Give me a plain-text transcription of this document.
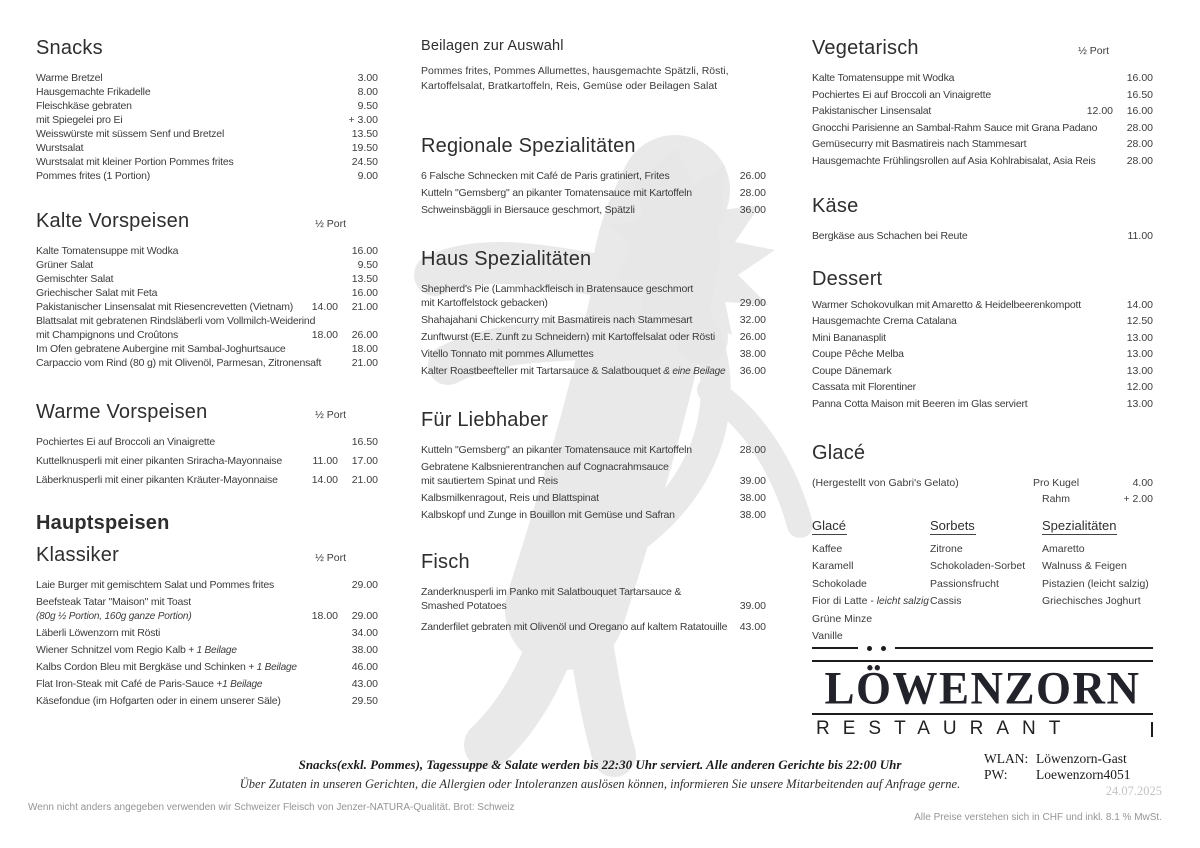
Snacks
Warme Bretzel	3.00
Hausgemachte Frikadelle	8.00
Fleischkäse gebraten	9.50
mit Spiegelei pro Ei	+ 3.00
Weisswürste mit süssem Senf und Bretzel	13.50
Wurstsalat	19.50
Wurstsalat mit kleiner Portion Pommes frites	24.50
Pommes frites (1 Portion)	9.00
Kalte Vorspeisen	½ Port
Kalte Tomatensuppe mit Wodka	16.00
Grüner Salat	9.50
Gemischter Salat	13.50
Griechischer Salat mit Feta	16.00
Pakistanischer Linsensalat mit Riesencrevetten (Vietnam)	14.00	21.00
Blattsalat mit gebratenen Rindsläberli vom Vollmilch-Weiderind
mit Champignons und Croûtons	18.00	26.00
Im Ofen gebratene Aubergine mit Sambal-Joghurtsauce	18.00
Carpaccio vom Rind (80 g) mit Olivenöl, Parmesan, Zitronensaft	21.00
Warme Vorspeisen	½ Port
Pochiertes Ei auf Broccoli an Vinaigrette	16.50
Kuttelknusperli mit einer pikanten Sriracha-Mayonnaise	11.00	17.00
Läberknusperli mit einer pikanten Kräuter-Mayonnaise	14.00	21.00
Hauptspeisen
Klassiker	½ Port
Laie Burger mit gemischtem Salat und Pommes frites	29.00
Beefsteak Tatar "Maison" mit Toast
(80g ½ Portion, 160g ganze Portion)	18.00	29.00
Läberli Löwenzorn mit Rösti	34.00
Wiener Schnitzel vom Regio Kalb + 1 Beilage	38.00
Kalbs Cordon Bleu mit Bergkäse und Schinken + 1 Beilage	46.00
Flat Iron-Steak mit Café de Paris-Sauce +1 Beilage	43.00
Käsefondue (im Hofgarten oder in einem unserer Säle)	29.50
Beilagen zur Auswahl

Pommes frites, Pommes Allumettes, hausgemachte Spätzli, Rösti, Kartoffelsalat, Bratkartoffeln, Reis, Gemüse oder Beilagen Salat

Regionale Spezialitäten
6 Falsche Schnecken mit Café de Paris gratiniert, Frites	26.00
Kutteln "Gemsberg" an pikanter Tomatensauce mit Kartoffeln	28.00
Schweinsbäggli in Biersauce geschmort, Spätzli	36.00
Haus Spezialitäten
Shepherd's Pie (Lammhackfleisch in Bratensauce geschmort
mit Kartoffelstock gebacken)	29.00
Shahajahani Chickencurry mit Basmatireis nach Stammesart	32.00
Zunftwurst (E.E. Zunft zu Schneidern) mit Kartoffelsalat oder Rösti	26.00
Vitello Tonnato mit pommes Allumettes	38.00
Kalter Roastbeefteller mit Tartarsauce & Salatbouquet & eine Beilage	36.00
Für Liebhaber
Kutteln "Gemsberg" an pikanter Tomatensauce mit Kartoffeln	28.00
Gebratene Kalbsnierentranchen auf Cognacrahmsauce
mit sautiertem Spinat und Reis	39.00
Kalbsmilkenragout, Reis und Blattspinat	38.00
Kalbskopf und Zunge in Bouillon mit Gemüse und Safran	38.00
Fisch
Zanderknusperli im Panko mit Salatbouquet Tartarsauce &
Smashed Potatoes	39.00
Zanderfilet gebraten mit Olivenöl und Oregano auf kaltem Ratatouille	43.00
Vegetarisch	½ Port
Kalte Tomatensuppe mit Wodka	16.00
Pochiertes Ei auf Broccoli an Vinaigrette	16.50
Pakistanischer Linsensalat	12.00	16.00
Gnocchi Parisienne an Sambal-Rahm Sauce mit Grana Padano	28.00
Gemüsecurry mit Basmatireis nach Stammesart	28.00
Hausgemachte Frühlingsrollen auf Asia Kohlrabisalat, Asia Reis	28.00
Käse
Bergkäse aus Schachen bei Reute	11.00
Dessert
Warmer Schokovulkan mit Amaretto & Heidelbeerenkompott	14.00
Hausgemachte Crema Catalana	12.50
Mini Bananasplit	13.00
Coupe Pêche Melba	13.00
Coupe Dänemark	13.00
Cassata mit Florentiner	12.00
Panna Cotta Maison mit Beeren im Glas serviert	13.00
Glacé
(Hergestellt von Gabri's Gelato)	Pro Kugel	4.00
Rahm	+ 2.00
Glacé
Kaffee
Karamell
Schokolade
Fior di Latte - leicht salzig
Grüne Minze
Vanille
Sorbets
Zitrone
Schokoladen-Sorbet
Passionsfrucht
Cassis
Spezialitäten
Amaretto
Walnuss & Feigen
Pistazien (leicht salzig)
Griechisches Joghurt
LÖWENZORN
RESTAURANT

Snacks(exkl. Pommes), Tagessuppe & Salate werden bis 22:30 Uhr serviert. Alle anderen Gerichte bis 22:00 Uhr

Über Zutaten in unseren Gerichten, die Allergien oder Intoleranzen auslösen können, informieren Sie unsere Mitarbeitenden auf Anfrage gerne.

Wenn nicht anders angegeben verwenden wir Schweizer Fleisch von Jenzer-NATURA-Qualität. Brot: Schweiz
WLAN: Löwenzorn-Gast
PW:	Loewenzorn4051
24.07.2025
Alle Preise verstehen sich in CHF und inkl. 8.1 % MwSt.
